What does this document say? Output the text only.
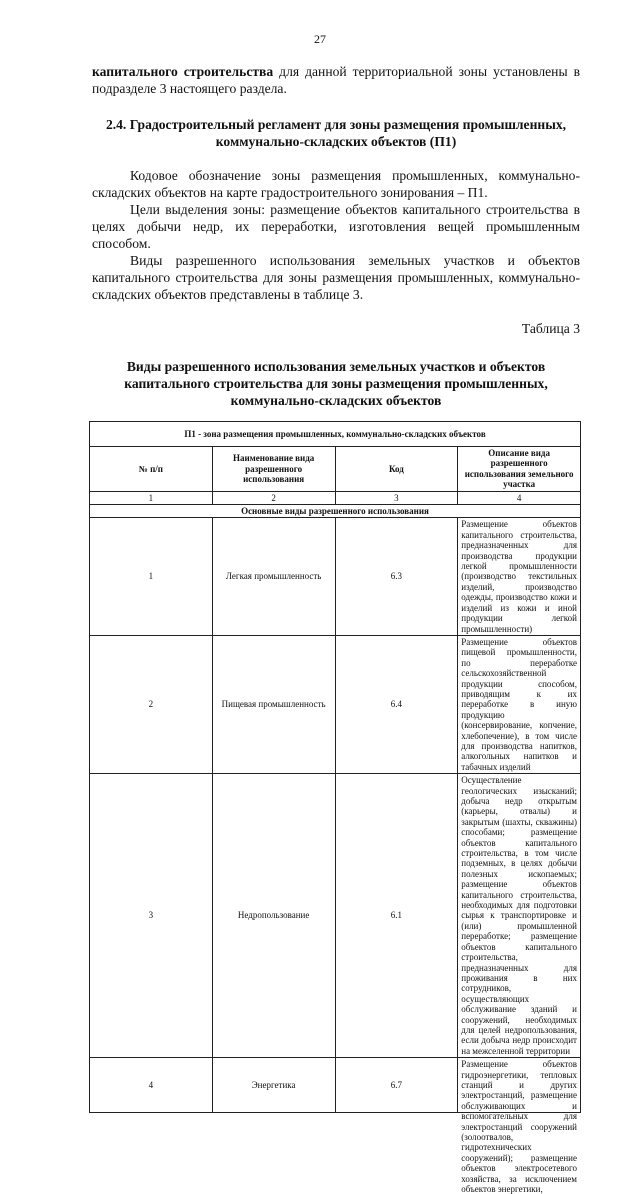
27

капитального строительства для данной территориальной зоны установлены в подразделе 3 настоящего раздела.

2.4. Градостроительный регламент для зоны размещения промышленных, коммунально-складских объектов (П1)

Кодовое обозначение зоны размещения промышленных, коммунально-складских объектов на карте градостроительного зонирования – П1.

Цели выделения зоны: размещение объектов капитального строительства в целях добычи недр, их переработки, изготовления вещей промышленным способом.

Виды разрешенного использования земельных участков и объектов капитального строительства для зоны размещения промышленных, коммунально-складских объектов представлены в таблице 3.

Таблица 3
Виды разрешенного использования земельных участков и объектов капитального строительства для зоны размещения промышленных, коммунально-складских объектов
П1 - зона размещения промышленных, коммунально-складских объектов			
№ п/п	Наименование вида разрешенного использования	Код	Описание вида разрешенного использования земельного участка
1	2	3	4
Основные виды разрешенного использования			
1	Легкая промышленность	6.3	Размещение объектов капитального строительства, предназначенных для производства продукции легкой промышленности (производство текстильных изделий, производство одежды, производство кожи и изделий из кожи и иной продукции легкой промышленности)
2	Пищевая промышленность	6.4	Размещение объектов пищевой промышленности, по переработке сельскохозяйственной продукции способом, приводящим к их переработке в иную продукцию (консервирование, копчение, хлебопечение), в том числе для производства напитков, алкогольных напитков и табачных изделий
3	Недропользование	6.1	Осуществление геологических изысканий; добыча недр открытым (карьеры, отвалы) и закрытым (шахты, скважины) способами; размещение объектов капитального строительства, в том числе подземных, в целях добычи полезных ископаемых; размещение объектов капитального строительства, необходимых для подготовки сырья к транспортировке и (или) промышленной переработке; размещение объектов капитального строительства, предназначенных для проживания в них сотрудников, осуществляющих обслуживание зданий и сооружений, необходимых для целей недропользования, если добыча недр происходит на межселенной территории
4	Энергетика	6.7	Размещение объектов гидроэнергетики, тепловых станций и других электростанций, размещение обслуживающих и вспомогательных для электростанций сооружений (золоотвалов, гидротехнических сооружений); размещение объектов электросетевого хозяйства, за исключением объектов энергетики,
